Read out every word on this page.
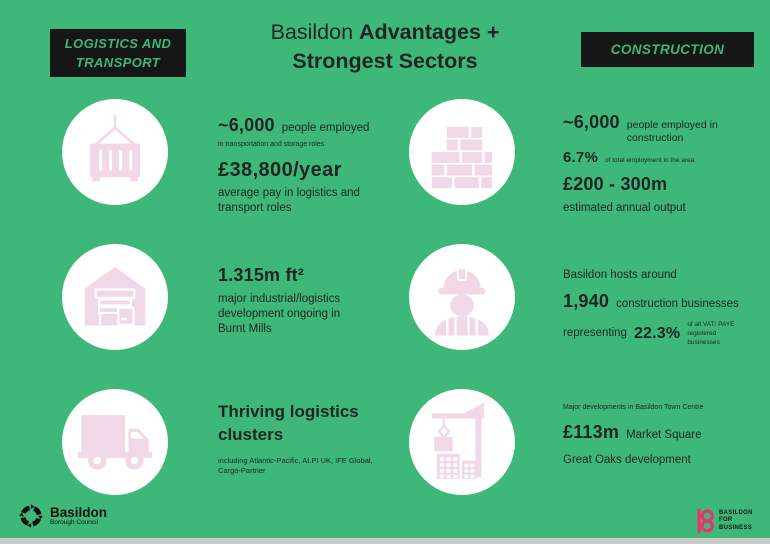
LOGISTICS AND
TRANSPORT
Basildon Advantages +
Strongest Sectors	CONSTRUCTION
~6,000 people employed
in transportation and storage roles
£38,800/year
average pay in logistics and transport roles
1.315m ft²
major industrial/logistics development ongoing in Burnt Mills
Thriving logistics clusters
including Atlantic-Pacific, ALPI UK, IFE Global, Cargo-Partner
~6,000 people employed in construction
6.7% of total employment in the area
£200 - 300m
estimated annual output
Basildon hosts around
1,940 construction businesses
representing 22.3% of all VAT/ PAYE registered businesses
Major developments in Basildon Town Centre
£113m Market Square
Great Oaks development
Basildon
Borough Council
BASILDON
FOR
BUSINESS
